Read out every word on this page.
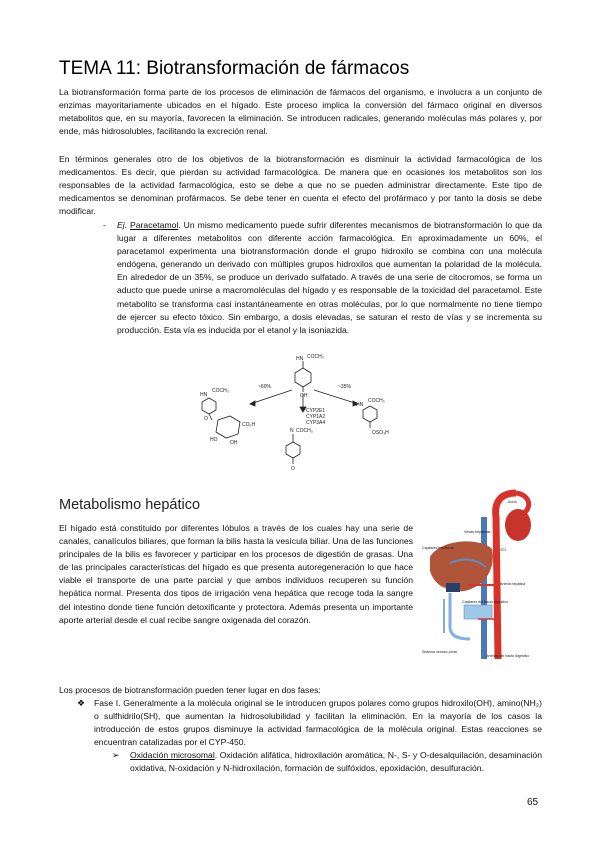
TEMA 11: Biotransformación de fármacos

La biotransformación forma parte de los procesos de eliminación de fármacos del organismo, e involucra a un conjunto de enzimas mayoritariamente ubicados en el hígado. Este proceso implica la conversión del fármaco original en diversos metabolitos que, en su mayoría, favorecen la eliminación. Se introducen radicales, generando moléculas más polares y, por ende, más hidrosolubles, facilitando la excreción renal.

En términos generales otro de los objetivos de la biotransformación es disminuir la actividad farmacológica de los medicamentos. Es decir, que pierdan su actividad farmacológica. De manera que en ocasiones los metabolitos son los responsables de la actividad farmacológica, esto se debe a que no se pueden administrar directamente. Este tipo de medicamentos se denominan profármacos. Se debe tener en cuenta el efecto del profármaco y por tanto la dosis se debe modificar.

- Ej. Paracetamol. Un mismo medicamento puede sufrir diferentes mecanismos de biotransformación lo que da lugar a diferentes metabolitos con diferente acción farmacológica. En aproximadamente un 60%, el paracetamol experimenta una biotransformación donde el grupo hidroxilo se combina con una molécula endógena, generando un derivado con múltiples grupos hidroxilos que aumentan la polaridad de la molécula. En alrededor de un 35%, se produce un derivado sulfatado. A través de una serie de citocromos, se forma un aducto que puede unirse a macromoléculas del hígado y es responsable de la toxicidad del paracetamol. Este metabolito se transforma casi instantáneamente en otras moléculas, por lo que normalmente no tiene tiempo de ejercer su efecto tóxico. Sin embargo, a dosis elevadas, se saturan el resto de vías y se incrementa su producción. Esta vía es inducida por el etanol y la isoniazida.

HN COCH₃
OH
~60%	~35%
HN
COCH₃
CO₂H
HO	OH
O
CYP2E1
CYP1A2
CYP3A4
N COCH₃
O
HN
COCH₃
OSO₃H
Metabolismo hepático

El hígado está constituido por diferentes lóbulos a través de los cuales hay una serie de canales, canalículos biliares, que forman la bilis hasta la vesícula biliar. Una de las funciones principales de la bilis es favorecer y participar en los procesos de digestión de grasas. Una de las principales características del hígado es que presenta autoregeneración lo que hace viable el transporte de una parte parcial y que ambos individuos recuperen su función hepática normal. Presenta dos tipos de irrigación vena hepática que recoge toda la sangre del intestino donde tiene función detoxificante y protectora. Además presenta un importante aporte arterial desde el cual recibe sangre oxigenada del corazón.

Aorta
Venas hepáticas
Capilares hepáticos	VCI
Hígado
Arteria hepática
Capilares del tracto digestivo
Sistema venoso porta
Arterias del tracto digestivo

Los procesos de biotransformación pueden tener lugar en dos fases:

❖ Fase I. Generalmente a la molécula original se le introducen grupos polares como grupos hidroxilo(OH), amino(NH₂) o sulfhidrilo(SH), que aumentan la hidrosolubilidad y facilitan la eliminación. En la mayoría de los casos la introducción de estos grupos disminuye la actividad farmacológica de la molécula original. Estas reacciones se encuentran catalizadas por el CYP-450.

➢ Oxidación microsomal. Oxidación alifática, hidroxilación aromática, N-, S- y O-desalquilación, desaminación oxidativa, N-oxidación y N-hidroxilación, formación de sulfóxidos, epoxidación, desulfuración.

65
